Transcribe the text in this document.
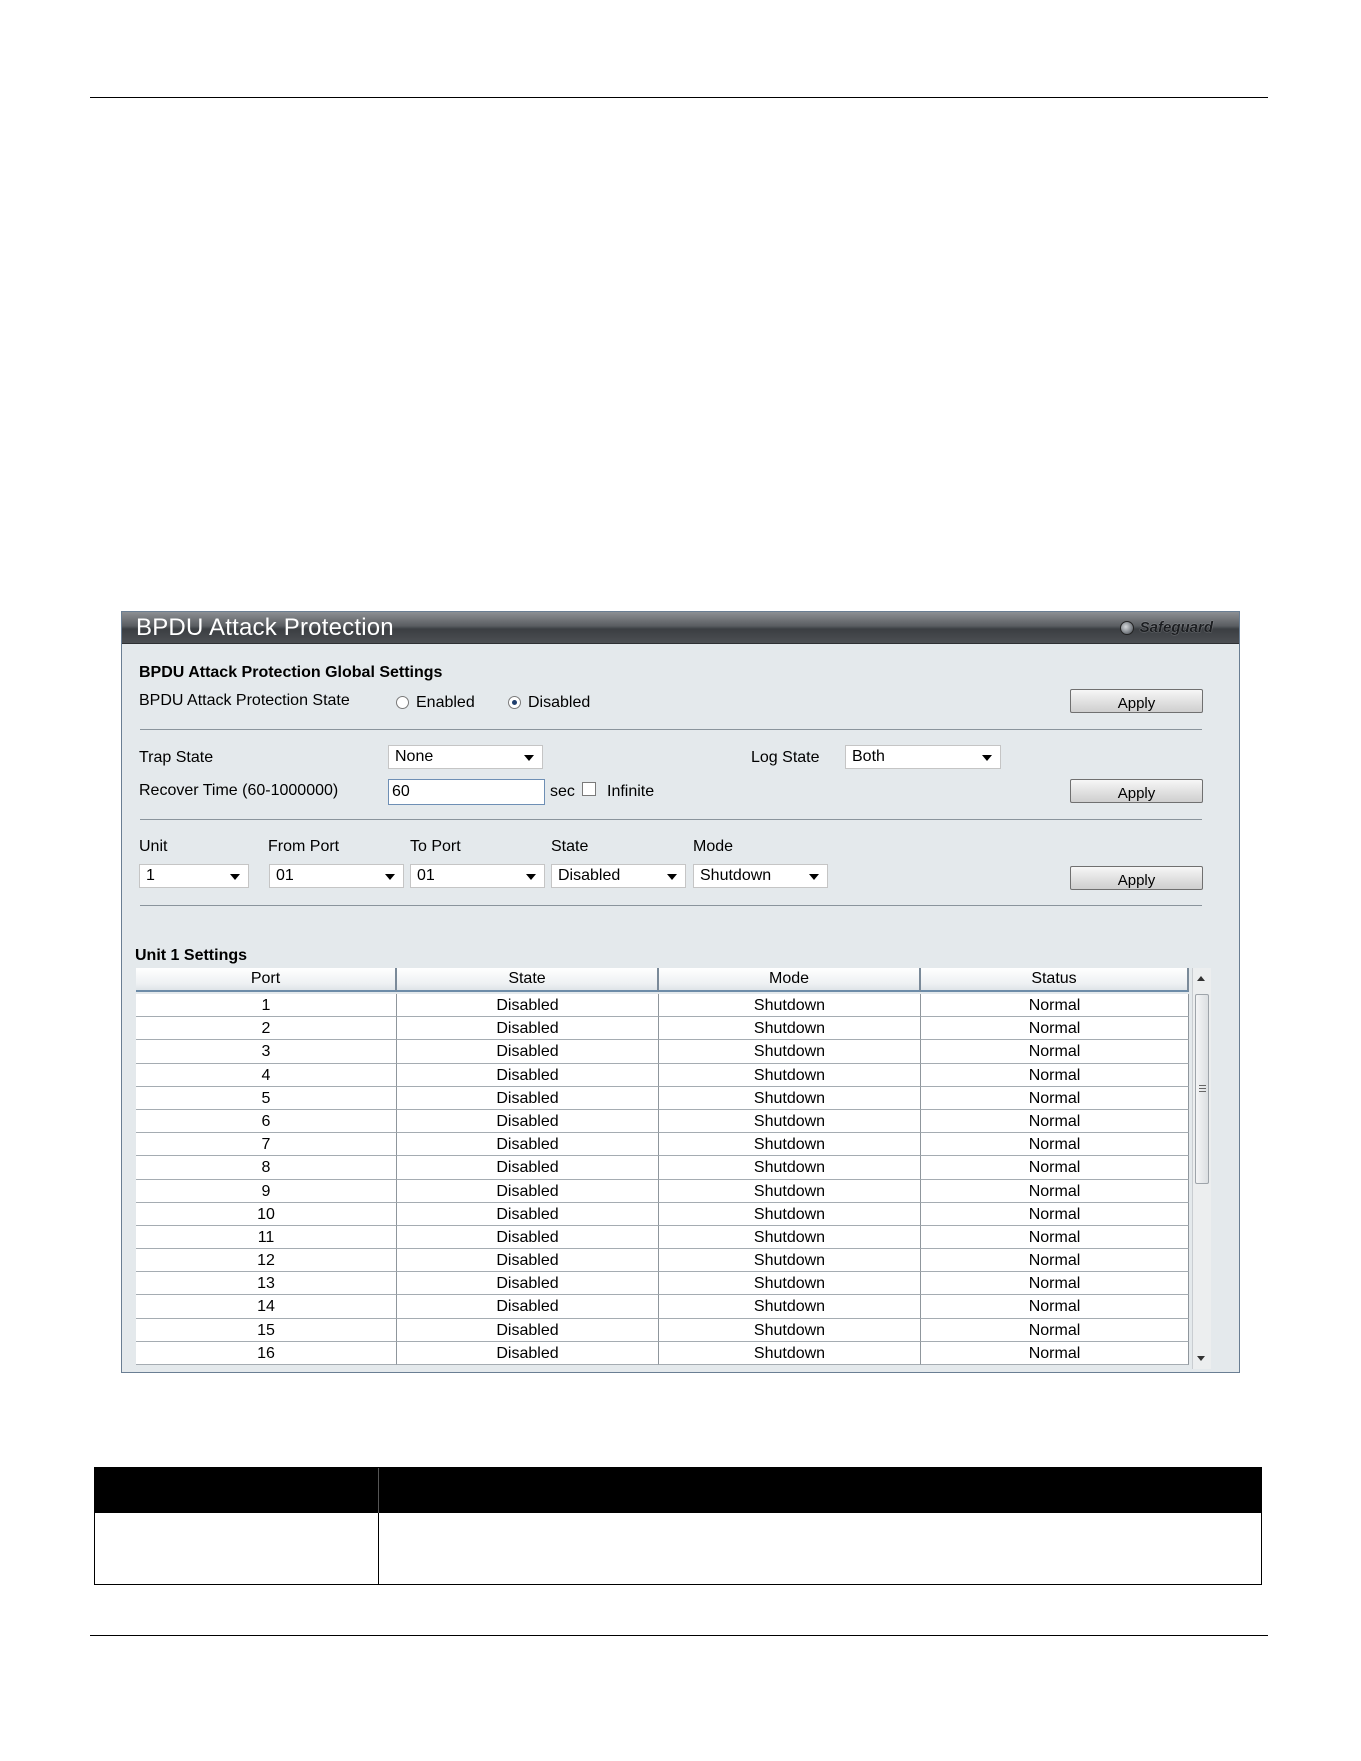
BPDU Attack Protection	Safeguard
BPDU Attack Protection Global Settings
BPDU Attack Protection State	Enabled	Disabled	Apply
Trap State	None	Log State	Both
Recover Time (60-1000000)	60	sec Infinite	Apply
Unit	From Port	To Port	State	Mode
1	01	01	Disabled	Shutdown	Apply
Unit 1 Settings
Port	State	Mode	Status
1	Disabled	Shutdown	Normal
2	Disabled	Shutdown	Normal
3	Disabled	Shutdown	Normal
4	Disabled	Shutdown	Normal
5	Disabled	Shutdown	Normal
6	Disabled	Shutdown	Normal
7	Disabled	Shutdown	Normal
8	Disabled	Shutdown	Normal
9	Disabled	Shutdown	Normal
10	Disabled	Shutdown	Normal
11	Disabled	Shutdown	Normal
12	Disabled	Shutdown	Normal
13	Disabled	Shutdown	Normal
14	Disabled	Shutdown	Normal
15	Disabled	Shutdown	Normal
16	Disabled	Shutdown	Normal
